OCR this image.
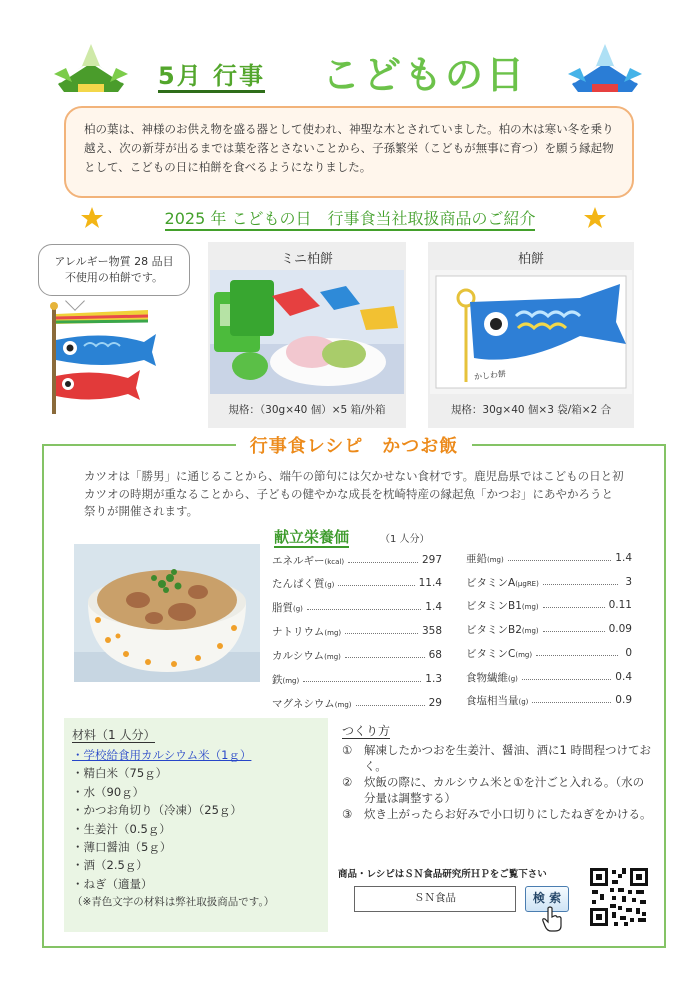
5月 行事	こどもの日
柏の葉は、神様のお供え物を盛る器として使われ、神聖な木とされていました。柏の木は寒い冬を乗り越え、次の新芽が出るまでは葉を落とさないことから、子孫繁栄（こどもが無事に育つ）を願う縁起物として、こどもの日に柏餅を食べるようになりました。
2025 年 こどもの日　行事食当社取扱商品のご紹介
アレルギー物質 28 品目
不使用の柏餅です。
ミニ柏餅
規格：（30g×40 個）×5 箱/外箱
柏餅
かしわ餅
規格：30g×40 個×3 袋/箱×2 合
行事食レシピ　かつお飯
カツオは「勝男」に通じることから、端午の節句には欠かせない食材です。鹿児島県ではこどもの日と初カツオの時期が重なることから、子どもの健やかな成長を枕崎特産の縁起魚「かつお」にあやかろうと祭りが開催されます。
献立栄養価	（1 人分）
エネルギー(kcal)	297
たんぱく質(g)	11.4
脂質(g)	1.4
ナトリウム(mg)	358
カルシウム(mg)	68
鉄(mg)	1.3
マグネシウム(mg)	29
亜鉛(mg)	1.4
ビタミンA(μgRE)	3
ビタミンB1(mg)	0.11
ビタミンB2(mg)	0.09
ビタミンC(mg)	0
食物繊維(g)	0.4
食塩相当量(g)	0.9
材料（1 人分）
・学校給食用カルシウム米（1ｇ）
・精白米（75ｇ）
・水（90ｇ）
・かつお角切り（冷凍）（25ｇ）
・生姜汁（0.5ｇ）
・薄口醤油（5ｇ）
・酒（2.5ｇ）
・ねぎ（適量）
（※青色文字の材料は弊社取扱商品です。）
つくり方
①	解凍したかつおを生姜汁、醤油、酒に1 時間程つけておく。
②	炊飯の際に、カルシウム米と①を汁ごと入れる。（水の分量は調整する）
③	炊き上がったらお好みで小口切りにしたねぎをかける。
商品・レシピはＳＮ食品研究所ＨＰをご覧下さい
ＳＮ食品	検 索
